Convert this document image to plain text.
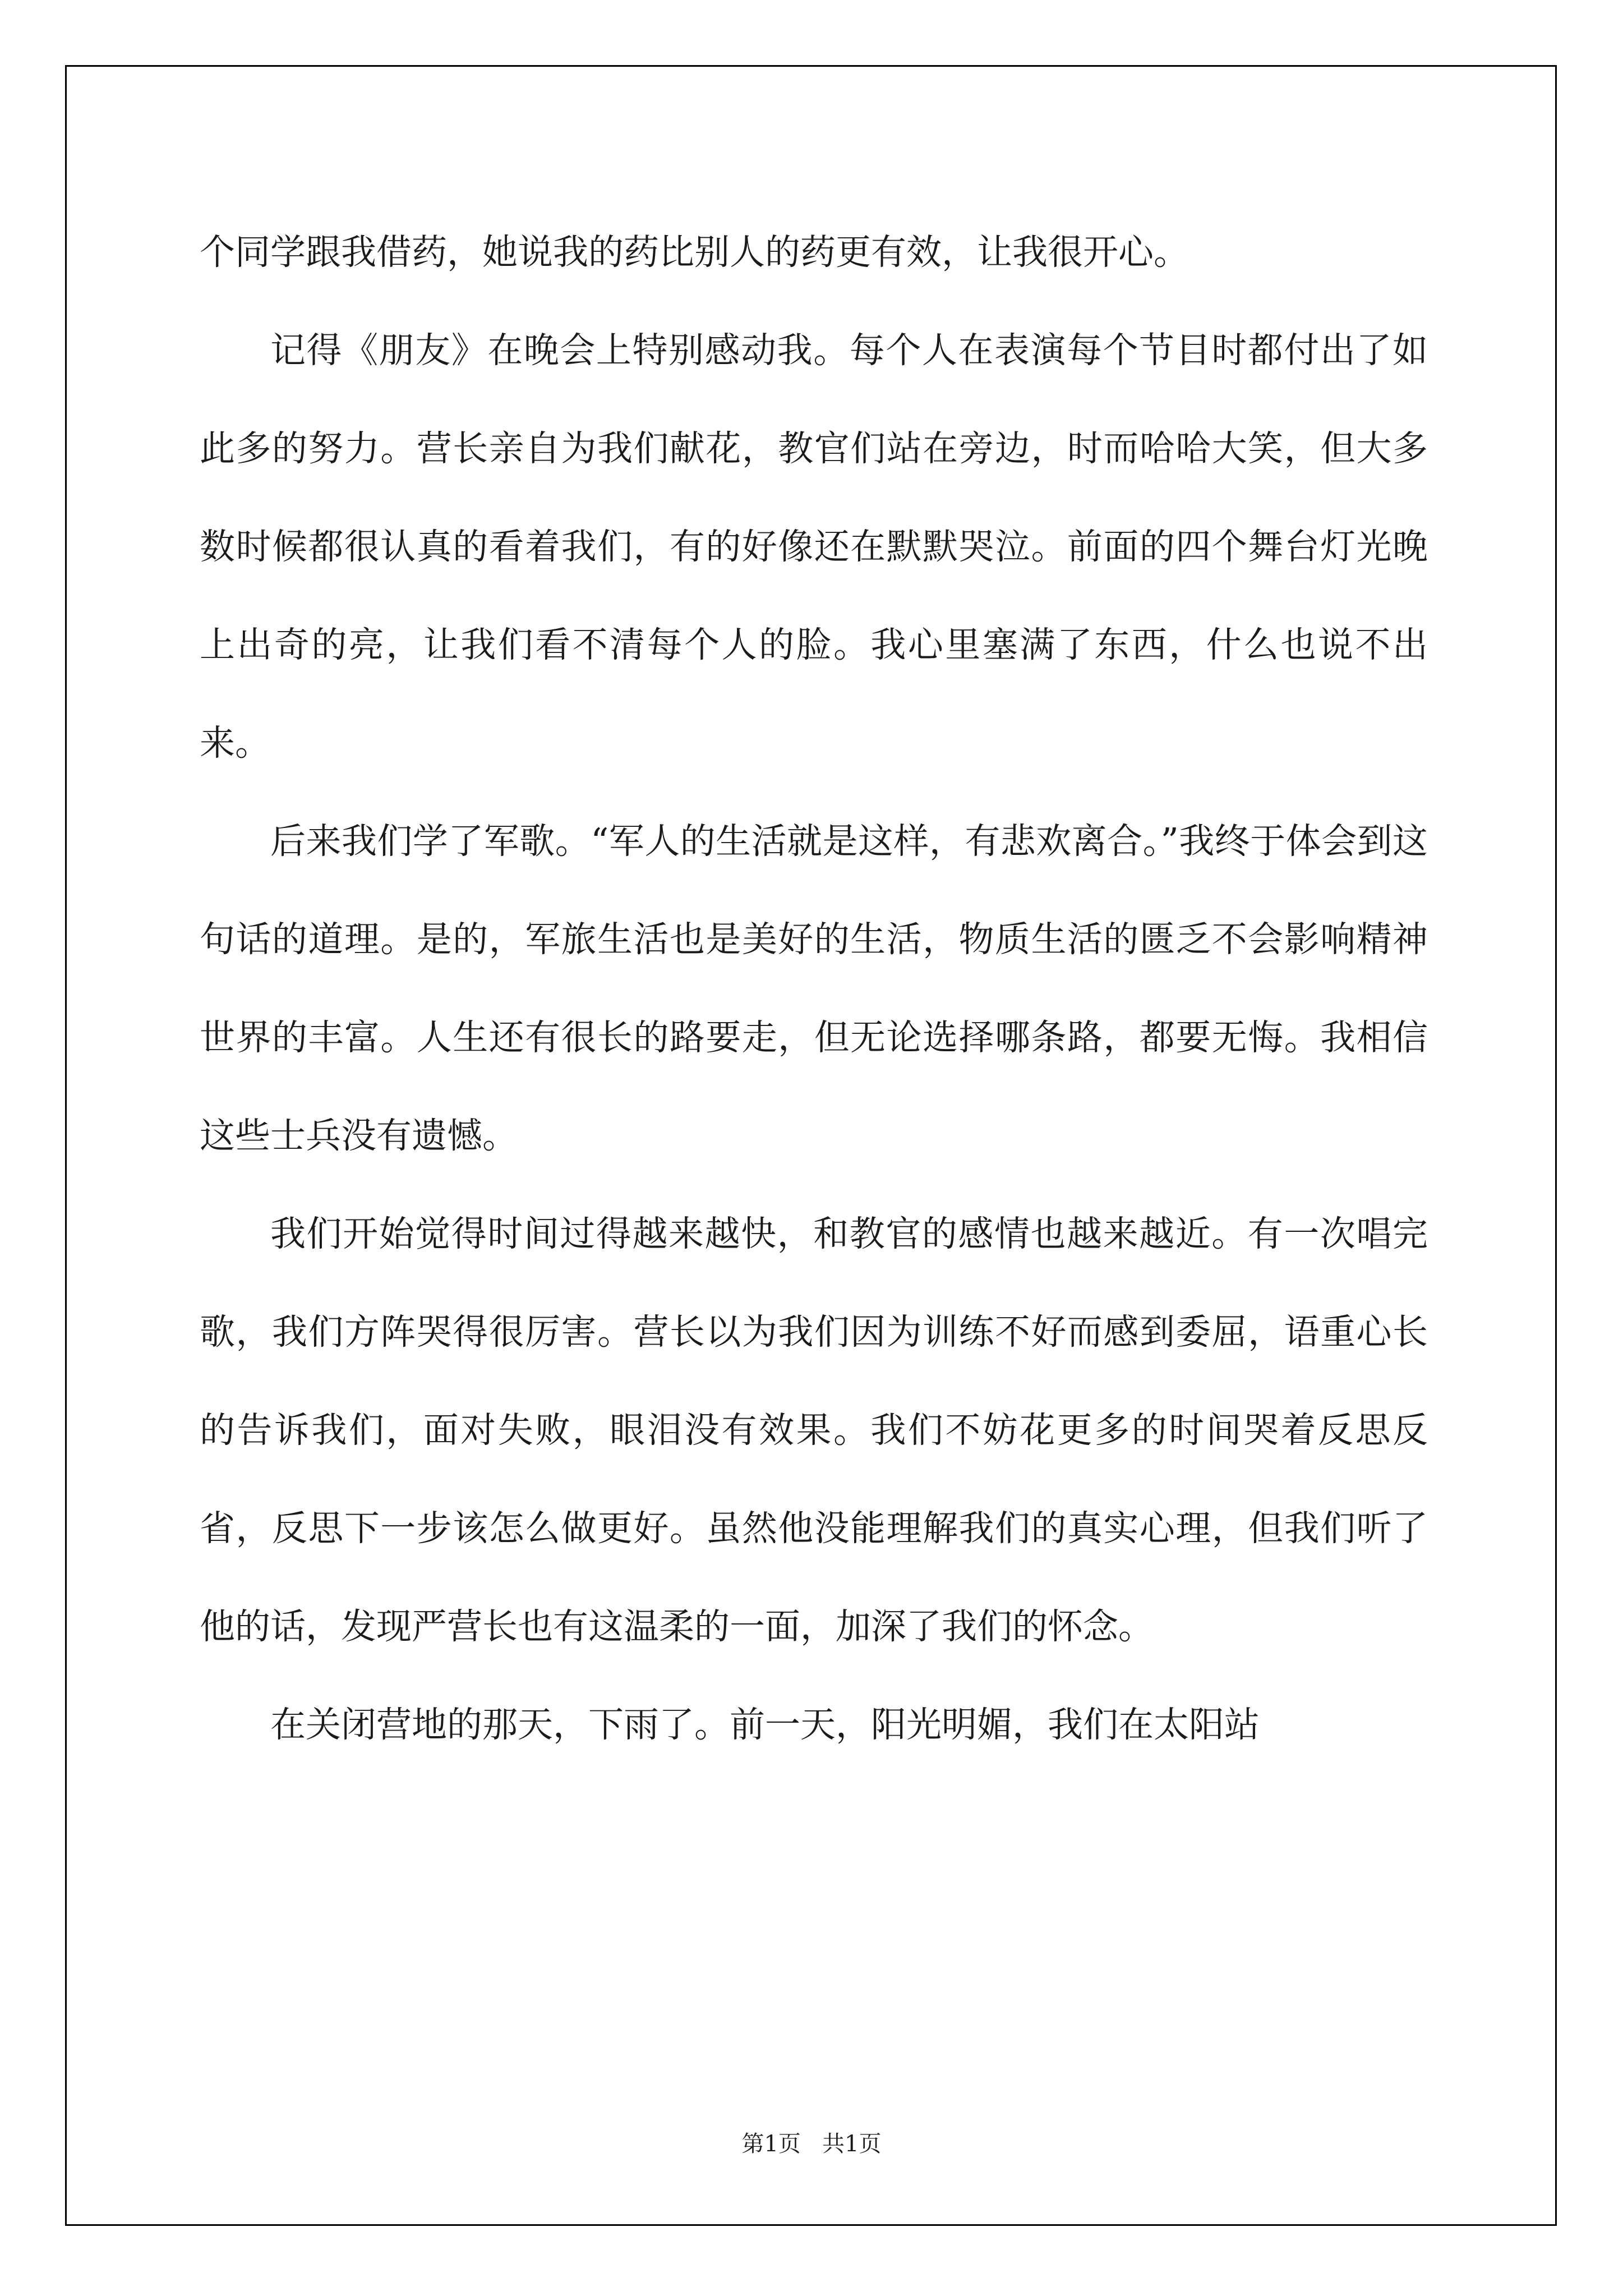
个同学跟我借药，她说我的药比别人的药更有效，让我很开心。

记得《朋友》在晚会上特别感动我。每个人在表演每个节目时都付出了如此多的努力。营长亲自为我们献花，教官们站在旁边，时而哈哈大笑，但大多数时候都很认真的看着我们，有的好像还在默默哭泣。前面的四个舞台灯光晚上出奇的亮，让我们看不清每个人的脸。我心里塞满了东西，什么也说不出来。

后来我们学了军歌。“军人的生活就是这样，有悲欢离合。”我终于体会到这句话的道理。是的，军旅生活也是美好的生活，物质生活的匮乏不会影响精神世界的丰富。人生还有很长的路要走，但无论选择哪条路，都要无悔。我相信这些士兵没有遗憾。

我们开始觉得时间过得越来越快，和教官的感情也越来越近。有一次唱完歌，我们方阵哭得很厉害。营长以为我们因为训练不好而感到委屈，语重心长的告诉我们，面对失败，眼泪没有效果。我们不妨花更多的时间哭着反思反省，反思下一步该怎么做更好。虽然他没能理解我们的真实心理，但我们听了他的话，发现严营长也有这温柔的一面，加深了我们的怀念。

在关闭营地的那天，下雨了。前一天，阳光明媚，我们在太阳站

第1页   共1页
